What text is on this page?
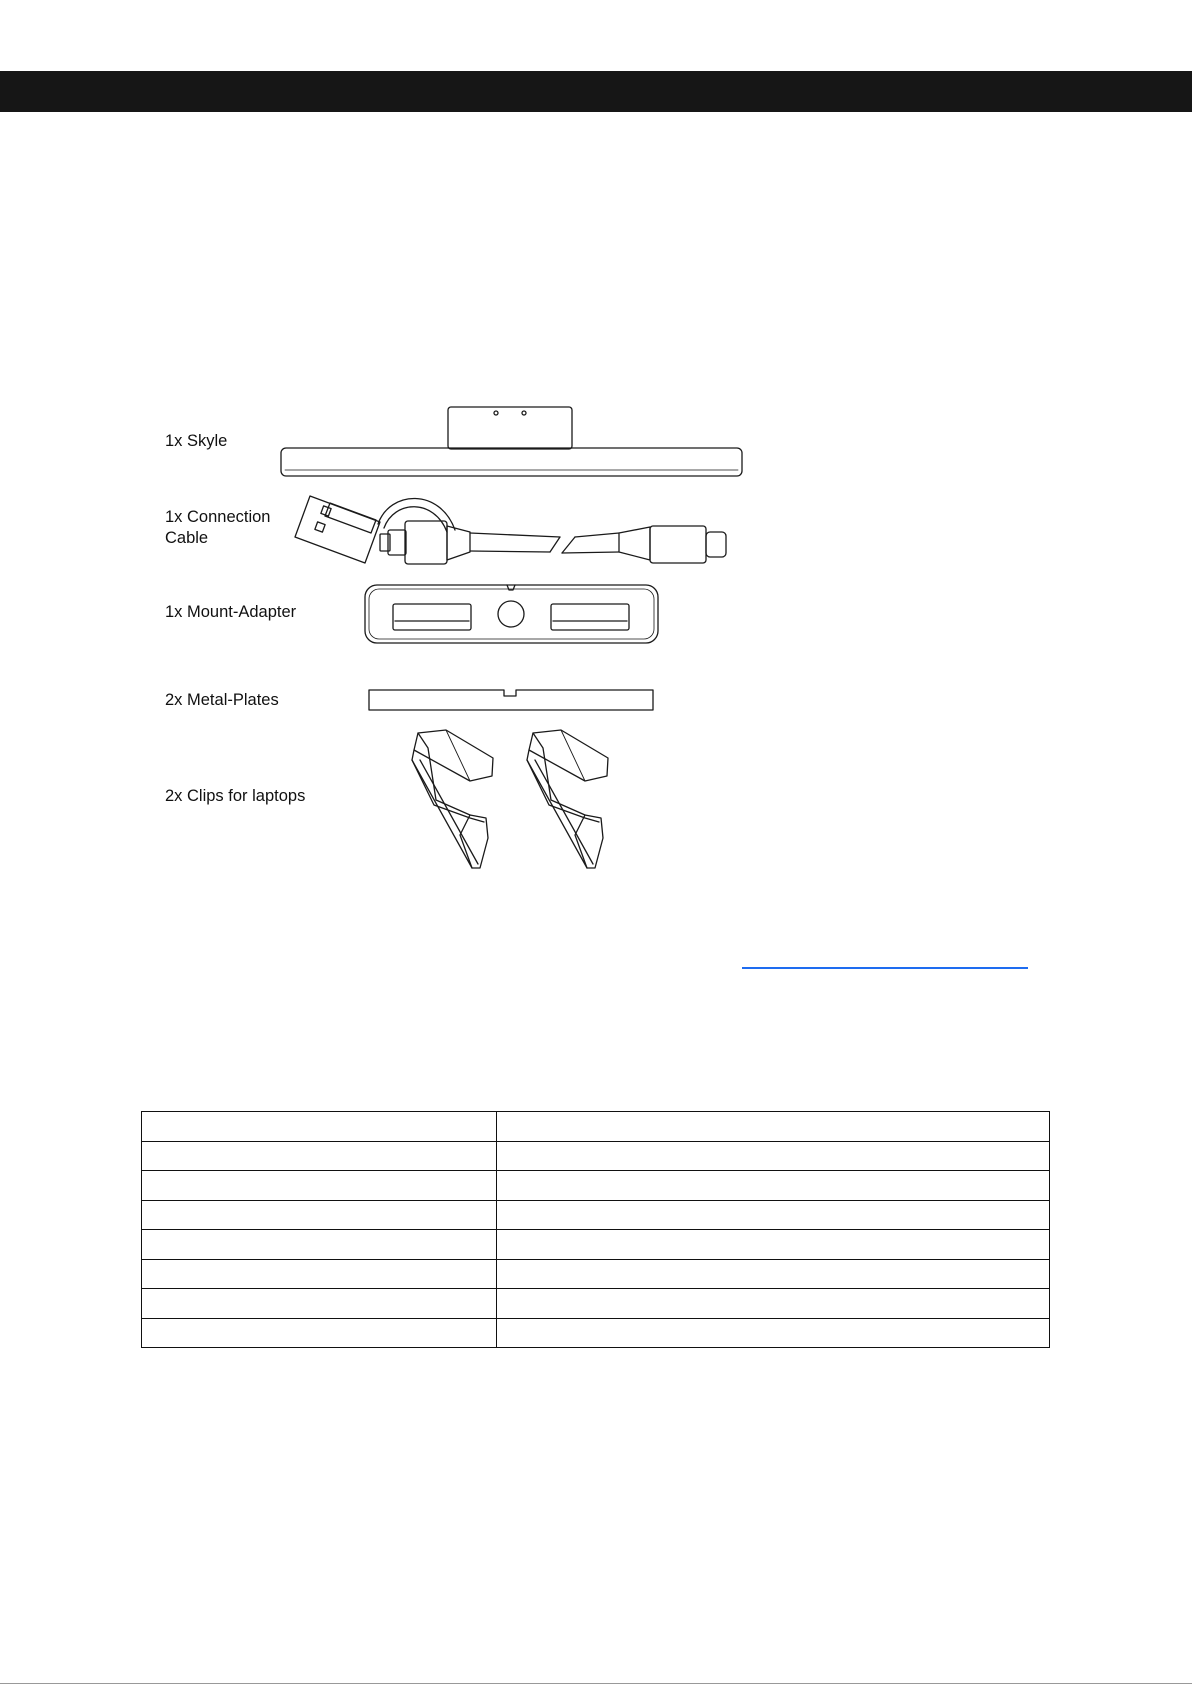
1x Skyle
1x Connection
Cable
1x Mount-Adapter
2x Metal-Plates
2x Clips for laptops
